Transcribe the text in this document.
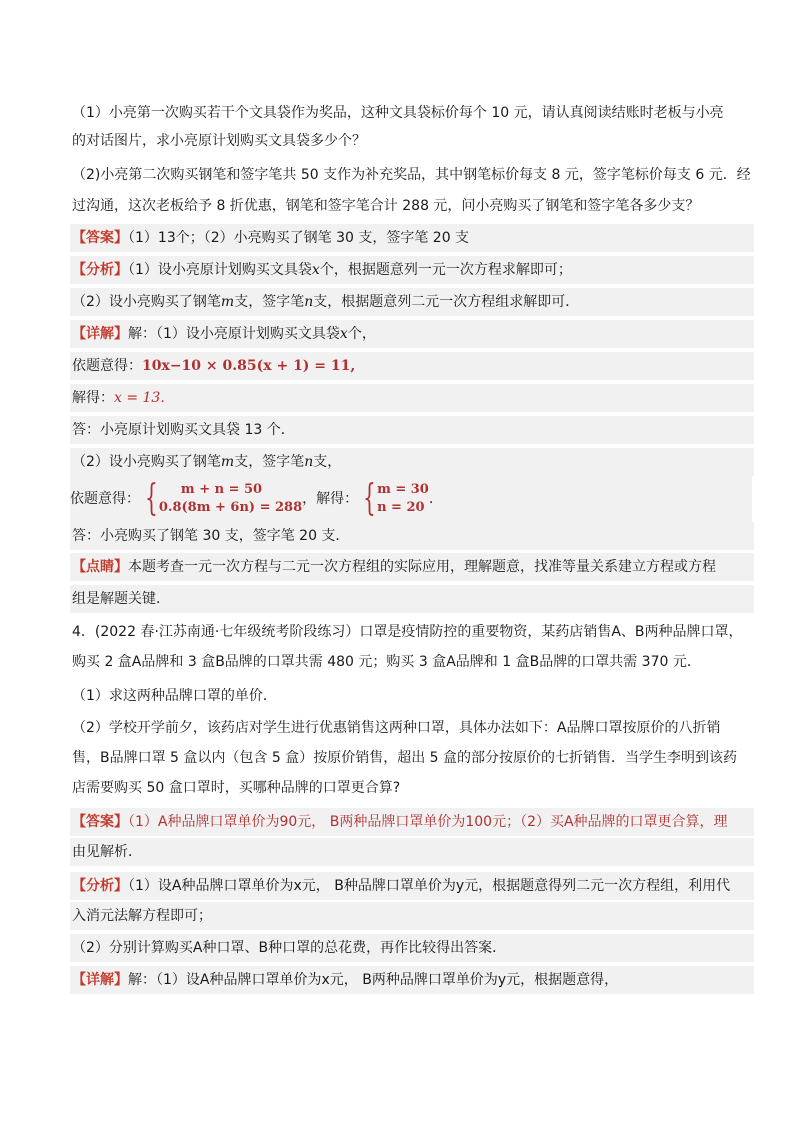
（1）小亮第一次购买若干个文具袋作为奖品，这种文具袋标价每个 10 元，请认真阅读结账时老板与小亮
的对话图片，求小亮原计划购买文具袋多少个？
（2)小亮第二次购买钢笔和签字笔共 50 支作为补充奖品，其中钢笔标价每支 8 元，签字笔标价每支 6 元．经
过沟通，这次老板给予 8 折优惠，钢笔和签字笔合计 288 元，问小亮购买了钢笔和签字笔各多少支？
【答案】（1）13个；（2）小亮购买了钢笔 30 支，签字笔 20 支
【分析】（1）设小亮原计划购买文具袋x个，根据题意列一元一次方程求解即可；
（2）设小亮购买了钢笔m支，签字笔n支，根据题意列二元一次方程组求解即可．
【详解】解：（1）设小亮原计划购买文具袋x个，
依题意得：10x−10 × 0.85(x + 1) = 11,
解得：x = 13.
答：小亮原计划购买文具袋 13 个．
（2）设小亮购买了钢笔m支，签字笔n支，
依题意得： {	m + n = 50
0.8(8m + 6n) = 288
，解得： { m = 30
n = 20
.
答：小亮购买了钢笔 30 支，签字笔 20 支．
【点睛】本题考查一元一次方程与二元一次方程组的实际应用，理解题意，找准等量关系建立方程或方程
组是解题关键．
4．(2022 春·江苏南通·七年级统考阶段练习）口罩是疫情防控的重要物资，某药店销售A、B两种品牌口罩，
购买 2 盒A品牌和 3 盒B品牌的口罩共需 480 元；购买 3 盒A品牌和 1 盒B品牌的口罩共需 370 元．
（1）求这两种品牌口罩的单价．
（2）学校开学前夕，该药店对学生进行优惠销售这两种口罩，具体办法如下：A品牌口罩按原价的八折销
售，B品牌口罩 5 盒以内（包含 5 盒）按原价销售，超出 5 盒的部分按原价的七折销售．当学生李明到该药
店需要购买 50 盒口罩时，买哪种品牌的口罩更合算?
【答案】（1）A种品牌口罩单价为90元， B两种品牌口罩单价为100元；（2）买A种品牌的口罩更合算，理
由见解析．
【分析】（1）设A种品牌口罩单价为x元， B种品牌口罩单价为y元，根据题意得列二元一次方程组，利用代
入消元法解方程即可；
（2）分别计算购买A种口罩、B种口罩的总花费，再作比较得出答案．
【详解】解：（1）设A种品牌口罩单价为x元， B两种品牌口罩单价为y元，根据题意得，
